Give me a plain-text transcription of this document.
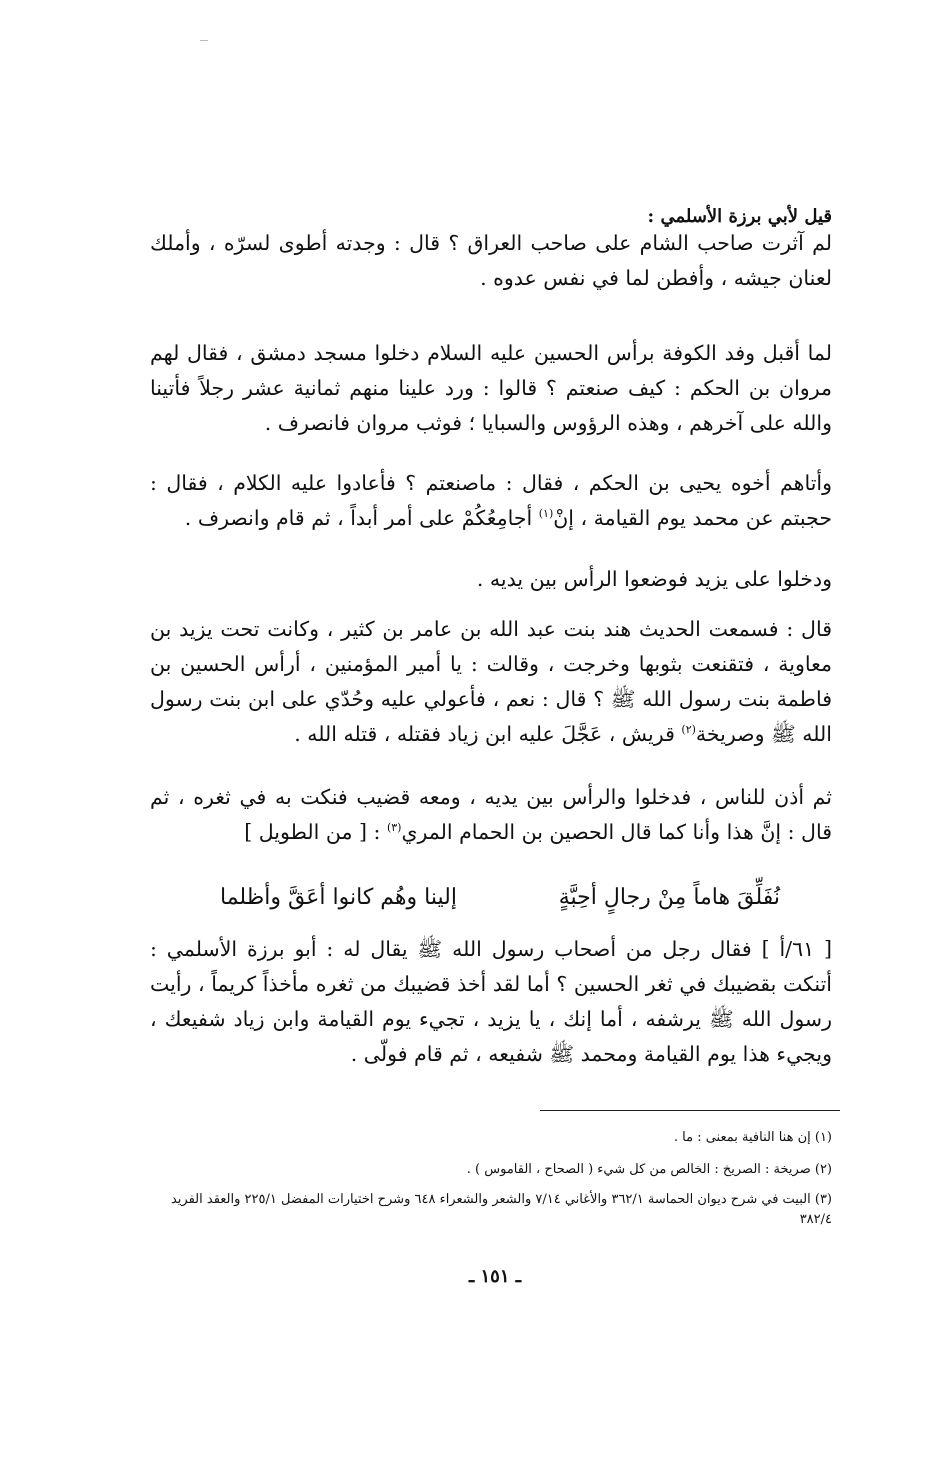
قيل لأبي برزة الأسلمي :

لم آثرت صاحب الشام على صاحب العراق ؟ قال : وجدته أطوى لسرّه ، وأملك لعنان جيشه ، وأفطن لما في نفس عدوه .

لما أقبل وفد الكوفة برأس الحسين عليه السلام دخلوا مسجد دمشق ، فقال لهم مروان بن الحكم : كيف صنعتم ؟ قالوا : ورد علينا منهم ثمانية عشر رجلاً فأتينا والله على آخرهم ، وهذه الرؤوس والسبايا ؛ فوثب مروان فانصرف .

وأتاهم أخوه يحيى بن الحكم ، فقال : ماصنعتم ؟ فأعادوا عليه الكلام ، فقال : حجبتم عن محمد يوم القيامة ، إنْ$^{(١)}$ أجامِعُكُمْ على أمر أبداً ، ثم قام وانصرف .

ودخلوا على يزيد فوضعوا الرأس بين يديه .

قال : فسمعت الحديث هند بنت عبد الله بن عامر بن كثير ، وكانت تحت يزيد بن معاوية ، فتقنعت بثوبها وخرجت ، وقالت : يا أمير المؤمنين ، أرأس الحسين بن فاطمة بنت رسول الله ﷺ ؟ قال : نعم ، فأعولي عليه وحُدّي على ابن بنت رسول الله ﷺ وصريخة$^{(٢)}$ قريش ، عَجَّلَ عليه ابن زياد فقتله ، قتله الله .

ثم أذن للناس ، فدخلوا والرأس بين يديه ، ومعه قضيب فنكت به في ثغره ، ثم قال : إنَّ هذا وأنا كما قال الحصين بن الحمام المري$^{(٣)}$ : [ من الطويل ]

نُفَلِّقَ هاماً مِنْ رجالٍ أحِبَّةٍ
إلينا وهُم كانوا أعَقَّ وأظلما

[ ٦١/أ ] فقال رجل من أصحاب رسول الله ﷺ يقال له : أبو برزة الأسلمي : أتنكت بقضيبك في ثغر الحسين ؟ أما لقد أخذ قضيبك من ثغره مأخذاً كريماً ، رأيت رسول الله ﷺ يرشفه ، أما إنك ، يا يزيد ، تجيء يوم القيامة وابن زياد شفيعك ، ويجيء هذا يوم القيامة ومحمد ﷺ شفيعه ، ثم قام فولّى .

(١) إن هنا النافية بمعنى : ما .
(٢) صريخة : الصريخ : الخالص من كل شيء ( الصحاح ، القاموس ) .
(٣) البيت في شرح ديوان الحماسة ٣٦٢/١ والأغاني ٧/١٤ والشعر والشعراء ٦٤٨ وشرح اختيارات المفضل ٢٢٥/١ والعقد الفريد ٣٨٢/٤
ـ ١٥١ ـ
